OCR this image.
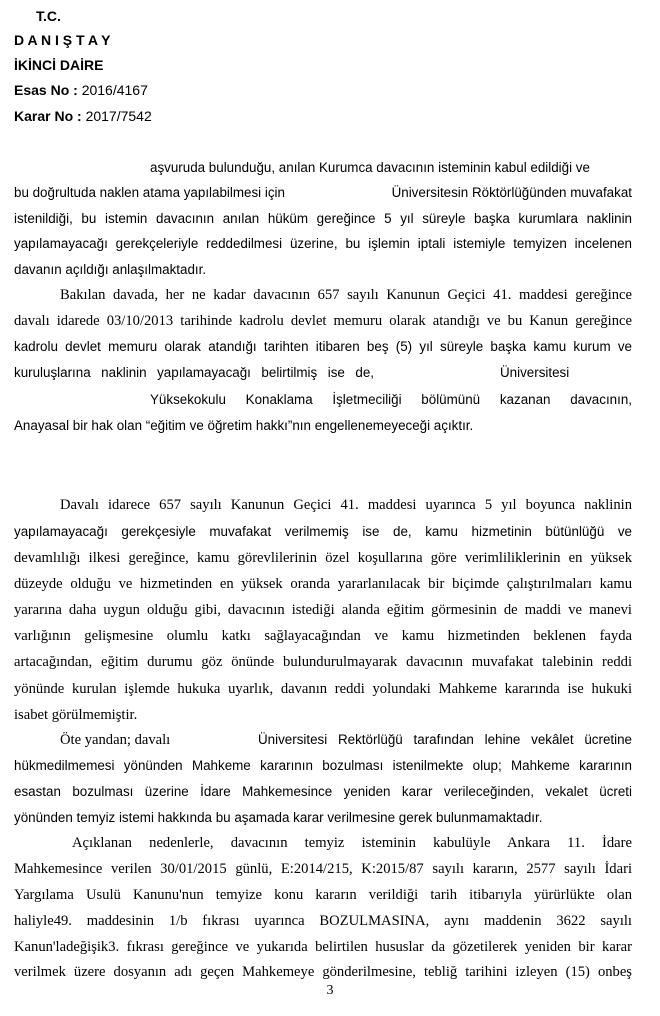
T.C.
D A N I Ş T A Y
İKİNCİ DAİRE
Esas No : 2016/4167
Karar No : 2017/7542
aşvuruda bulunduğu, anılan Kurumca davacının isteminin kabul edildiği ve
bu doğrultuda naklen atama yapılabilmesi için	Üniversitesin Röktörlüğünden muvafakat
istenildiği, bu istemin davacının anılan hüküm gereğince 5 yıl süreyle başka kurumlara naklinin
yapılamayacağı gerekçeleriyle reddedilmesi üzerine, bu işlemin iptali istemiyle temyizen incelenen
davanın açıldığı anlaşılmaktadır.
Bakılan davada, her ne kadar davacının 657 sayılı Kanunun Geçici 41. maddesi gereğince
davalı idarede 03/10/2013 tarihinde kadrolu devlet memuru olarak atandığı ve bu Kanun gereğince
kadrolu devlet memuru olarak atandığı tarihten itibaren beş (5) yıl süreyle başka kamu kurum ve
kuruluşlarına naklinin yapılamayacağı belirtilmiş ise de,	Üniversitesi
Yüksekokulu Konaklama İşletmeciliği bölümünü kazanan davacının,
Anayasal bir hak olan “eğitim ve öğretim hakkı”nın engellenemeyeceği açıktır.
Davalı idarece 657 sayılı Kanunun Geçici 41. maddesi uyarınca 5 yıl boyunca naklinin
yapılamayacağı gerekçesiyle muvafakat verilmemiş ise de, kamu hizmetinin bütünlüğü ve
devamlılığı ilkesi gereğince, kamu görevlilerinin özel koşullarına göre verimliliklerinin en yüksek
düzeyde olduğu ve hizmetinden en yüksek oranda yararlanılacak bir biçimde çalıştırılmaları kamu
yararına daha uygun olduğu gibi, davacının istediği alanda eğitim görmesinin de maddi ve manevi
varlığının gelişmesine olumlu katkı sağlayacağından ve kamu hizmetinden beklenen fayda
artacağından, eğitim durumu göz önünde bulundurulmayarak davacının muvafakat talebinin reddi
yönünde kurulan işlemde hukuka uyarlık, davanın reddi yolundaki Mahkeme kararında ise hukuki
isabet görülmemiştir.
Öte yandan; davalı	Üniversitesi Rektörlüğü tarafından lehine vekâlet ücretine
hükmedilmemesi yönünden Mahkeme kararının bozulması istenilmekte olup; Mahkeme kararının
esastan bozulması üzerine İdare Mahkemesince yeniden karar verileceğinden, vekalet ücreti
yönünden temyiz istemi hakkında bu aşamada karar verilmesine gerek bulunmamaktadır.
Açıklanan nedenlerle, davacının temyiz isteminin kabulüyle Ankara 11. İdare
Mahkemesince verilen 30/01/2015 günlü, E:2014/215, K:2015/87 sayılı kararın, 2577 sayılı İdari
Yargılama Usulü Kanunu'nun temyize konu kararın verildiği tarih itibarıyla yürürlükte olan
haliyle49. maddesinin 1/b fıkrası uyarınca BOZULMASINA, aynı maddenin 3622 sayılı
Kanun'ladeğişik3. fıkrası gereğince ve yukarıda belirtilen hususlar da gözetilerek yeniden bir karar
verilmek üzere dosyanın adı geçen Mahkemeye gönderilmesine, tebliğ tarihini izleyen (15) onbeş
3
